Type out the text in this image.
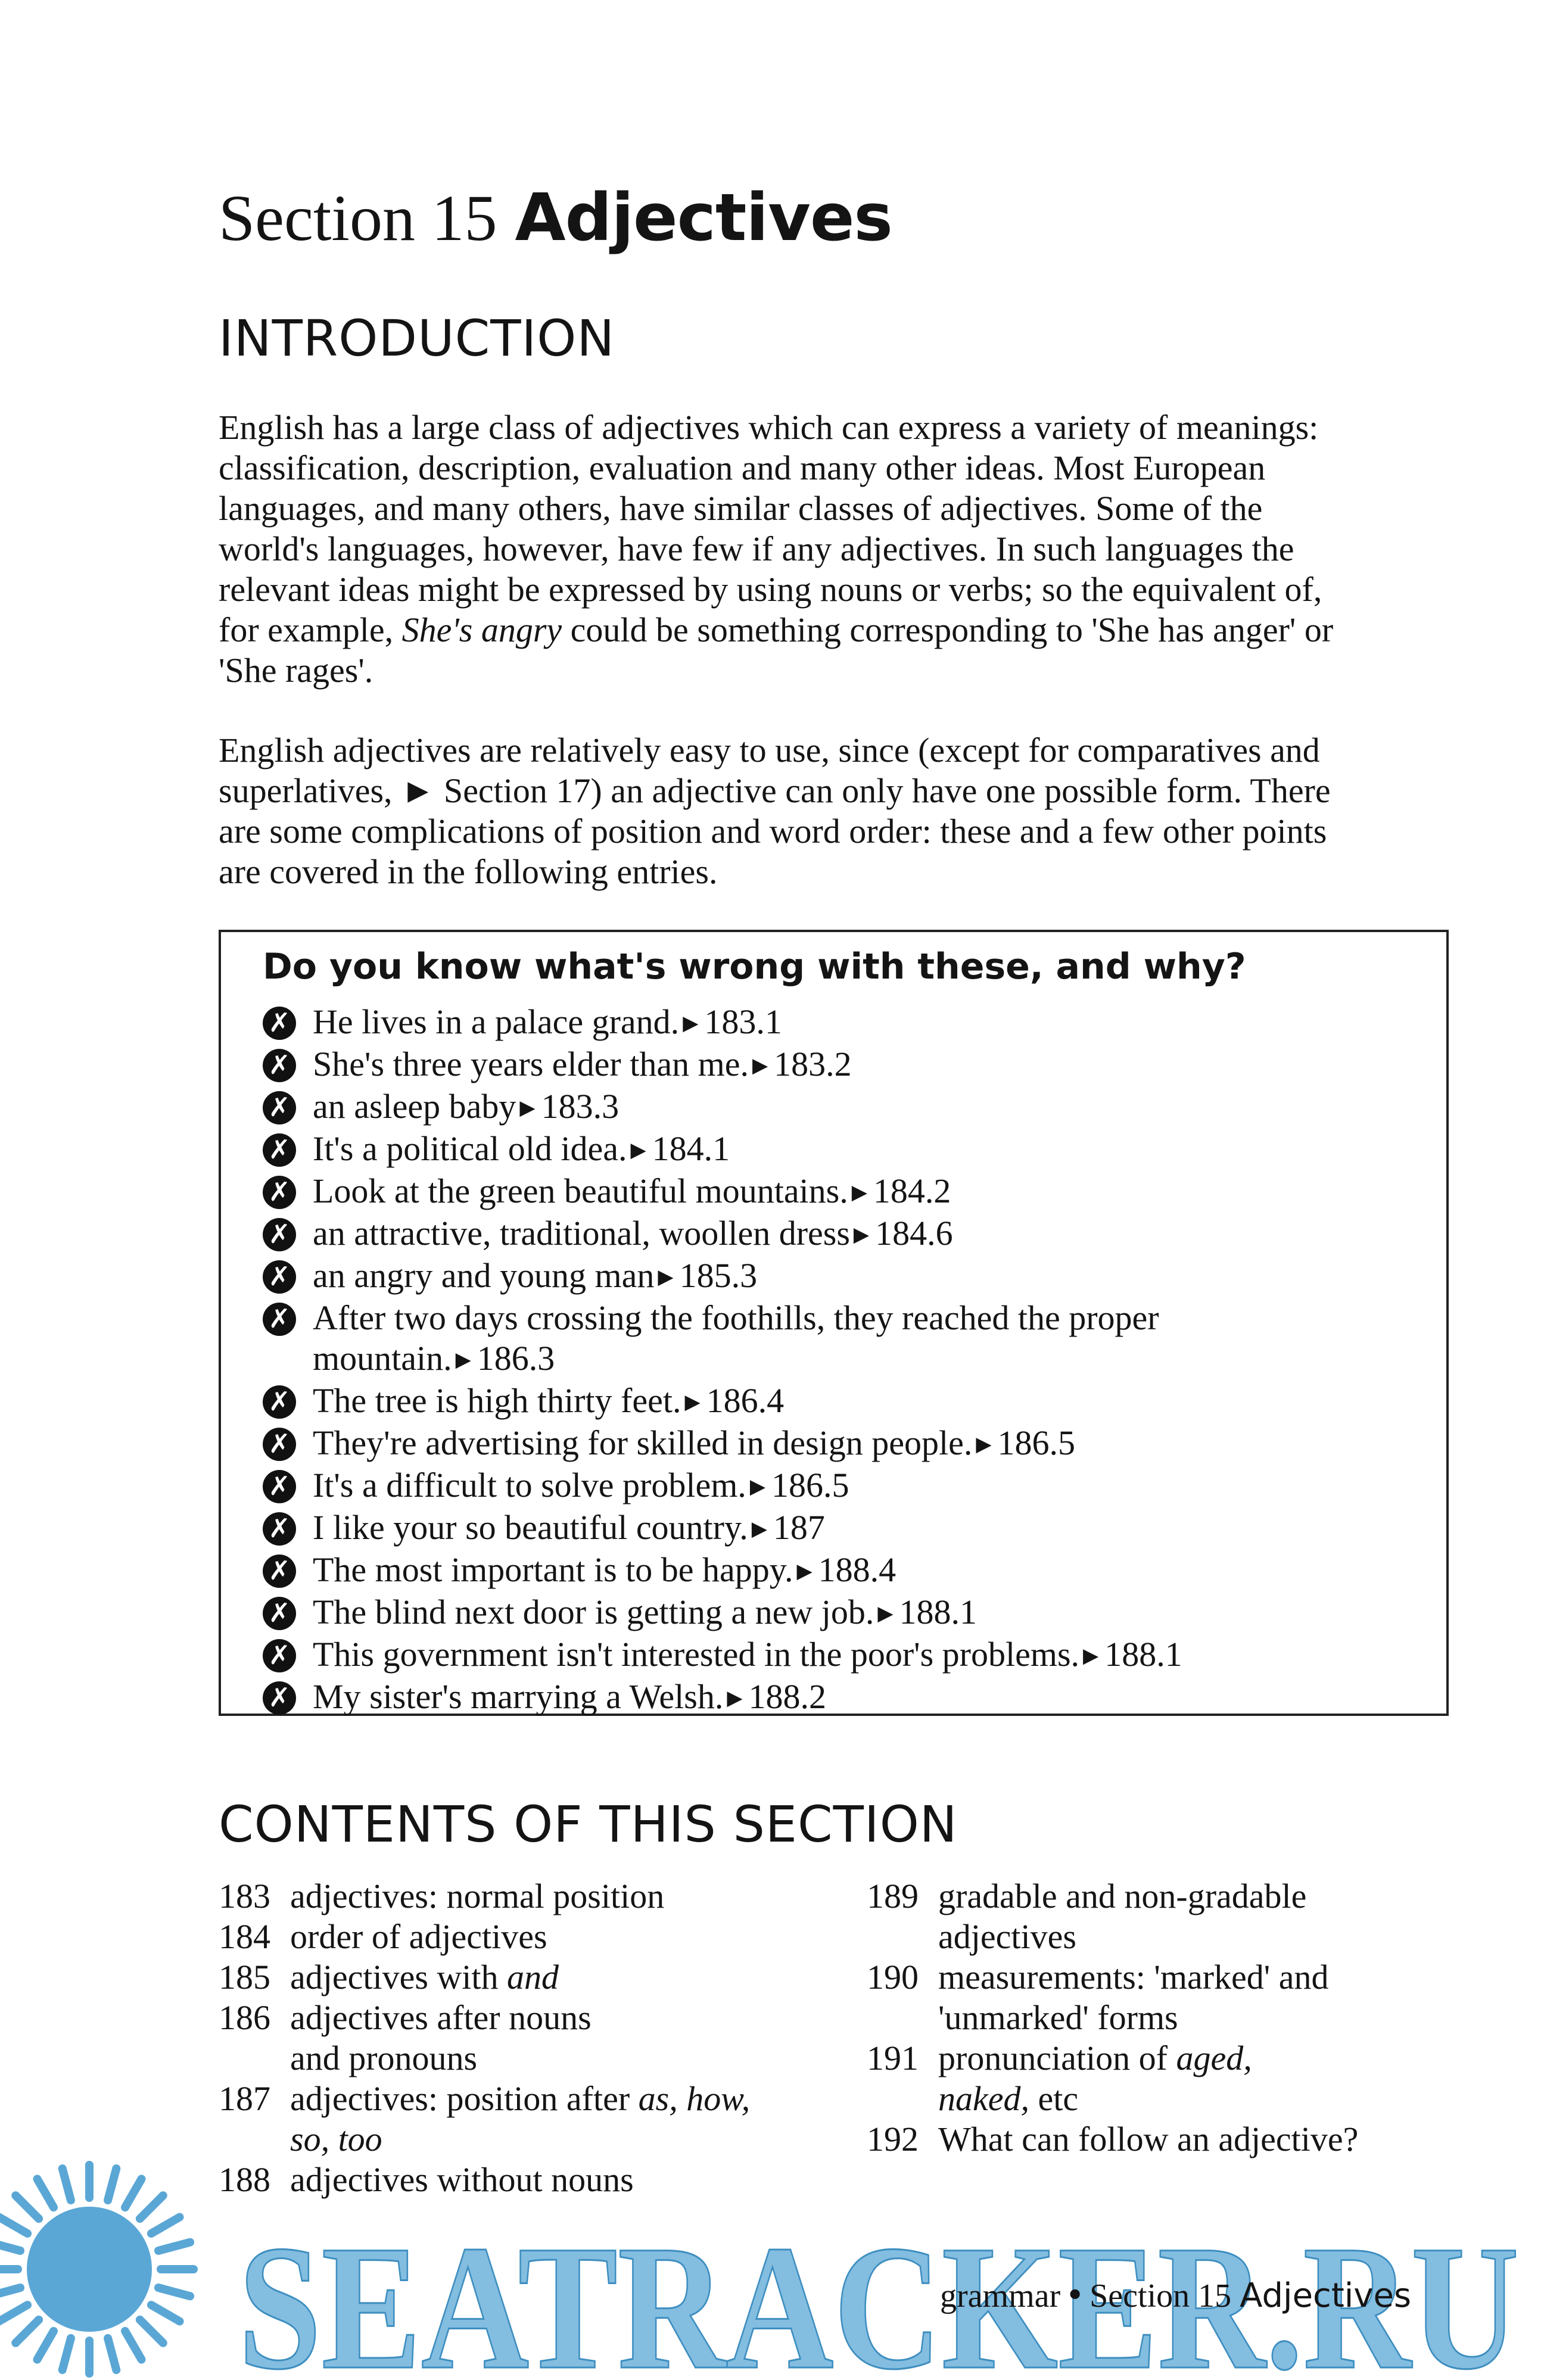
Section 15 Adjectives
INTRODUCTION
English has a large class of adjectives which can express a variety of meanings:
classification, description, evaluation and many other ideas. Most European
languages, and many others, have similar classes of adjectives. Some of the
world's languages, however, have few if any adjectives. In such languages the
relevant ideas might be expressed by using nouns or verbs; so the equivalent of,
for example, She's angry could be something corresponding to 'She has anger' or
'She rages'.
English adjectives are relatively easy to use, since (except for comparatives and
superlatives, ► Section 17) an adjective can only have one possible form. There
are some complications of position and word order: these and a few other points
are covered in the following entries.
Do you know what's wrong with these, and why?
✗ He lives in a palace grand. ▶ 183.1
✗ She's three years elder than me. ▶ 183.2
✗ an asleep baby ▶ 183.3
✗ It's a political old idea. ▶ 184.1
✗ Look at the green beautiful mountains. ▶ 184.2
✗ an attractive, traditional, woollen dress ▶ 184.6
✗ an angry and young man ▶ 185.3
✗ After two days crossing the foothills, they reached the proper
mountain. ▶ 186.3
✗ The tree is high thirty feet. ▶ 186.4
✗ They're advertising for skilled in design people. ▶ 186.5
✗ It's a difficult to solve problem. ▶ 186.5
✗ I like your so beautiful country. ▶ 187
✗ The most important is to be happy. ▶ 188.4
✗ The blind next door is getting a new job. ▶ 188.1
✗ This government isn't interested in the poor's problems. ▶ 188.1
✗ My sister's marrying a Welsh. ▶ 188.2
CONTENTS OF THIS SECTION
183 adjectives: normal position
184 order of adjectives
185 adjectives with and
186 adjectives after nouns
and pronouns
187 adjectives: position after as, how,
so, too
188 adjectives without nouns
189 gradable and non-gradable
adjectives
190 measurements: 'marked' and
'unmarked' forms
191 pronunciation of aged,
naked, etc
192 What can follow an adjective?
SEATRACKER.RU
grammar • Section 15 Adjectives
